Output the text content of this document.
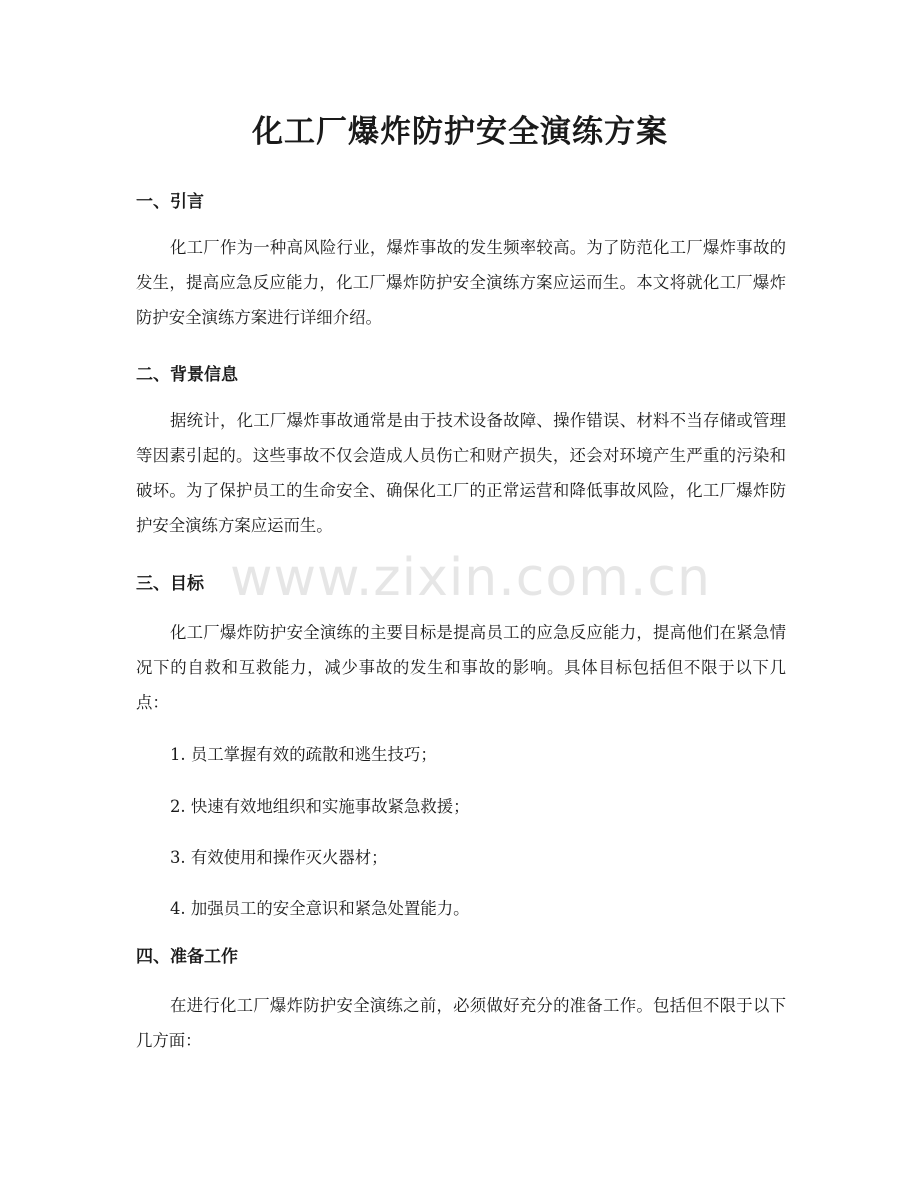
化工厂爆炸防护安全演练方案
一、引言

化工厂作为一种高风险行业，爆炸事故的发生频率较高。为了防范化工厂爆炸事故的发生，提高应急反应能力，化工厂爆炸防护安全演练方案应运而生。本文将就化工厂爆炸防护安全演练方案进行详细介绍。

二、背景信息

据统计，化工厂爆炸事故通常是由于技术设备故障、操作错误、材料不当存储或管理等因素引起的。这些事故不仅会造成人员伤亡和财产损失，还会对环境产生严重的污染和破坏。为了保护员工的生命安全、确保化工厂的正常运营和降低事故风险，化工厂爆炸防护安全演练方案应运而生。

三、目标

化工厂爆炸防护安全演练的主要目标是提高员工的应急反应能力，提高他们在紧急情况下的自救和互救能力，减少事故的发生和事故的影响。具体目标包括但不限于以下几点：

1. 员工掌握有效的疏散和逃生技巧；

2. 快速有效地组织和实施事故紧急救援；

3. 有效使用和操作灭火器材；

4. 加强员工的安全意识和紧急处置能力。

四、准备工作

在进行化工厂爆炸防护安全演练之前，必须做好充分的准备工作。包括但不限于以下几方面：

www.zixin.com.cn
